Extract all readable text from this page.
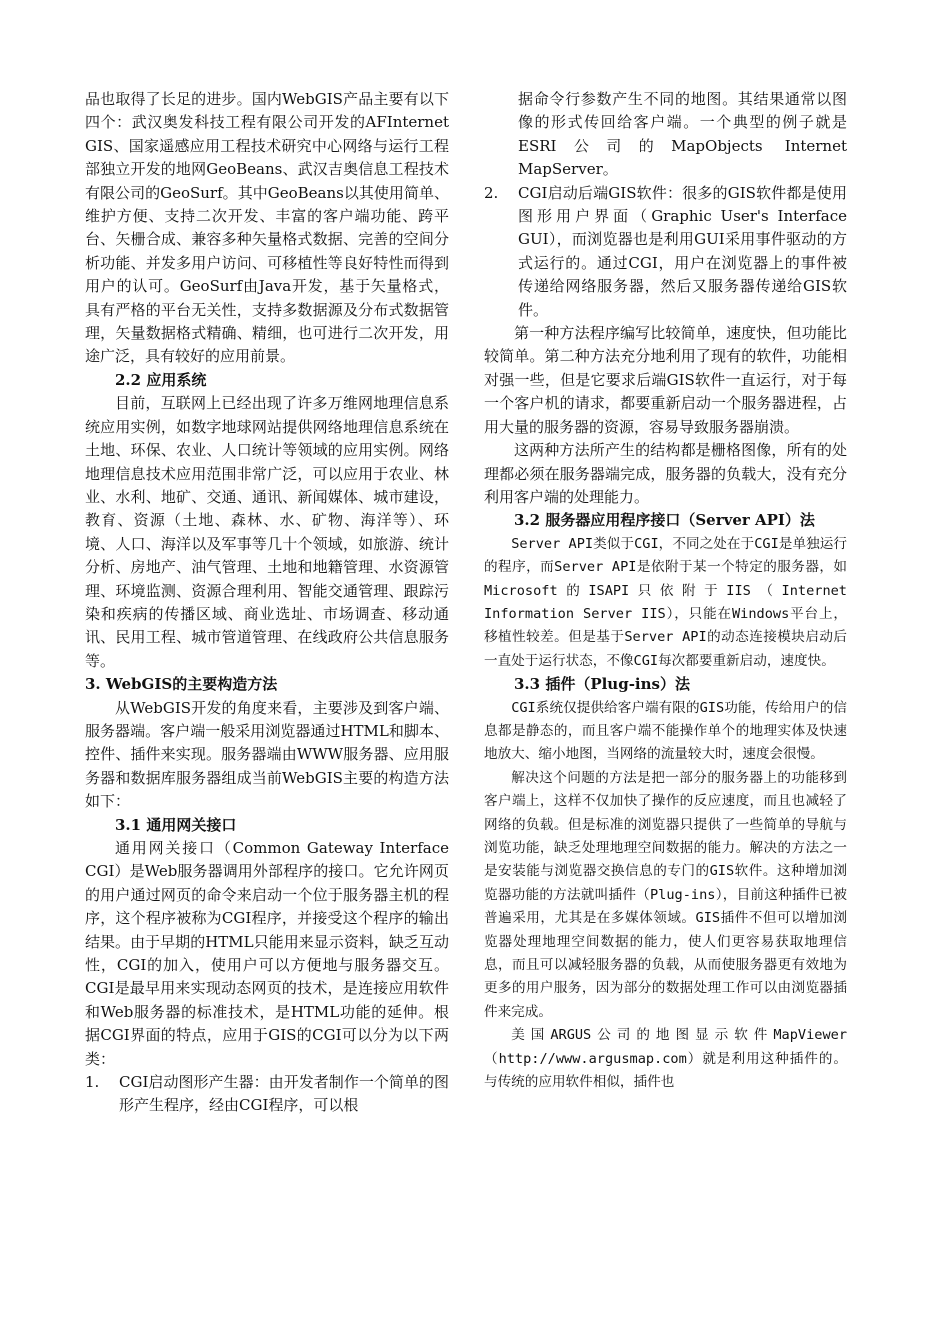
品也取得了长足的进步。国内WebGIS产品主要有以下四个：武汉奥发科技工程有限公司开发的AFInternet GIS、国家遥感应用工程技术研究中心网络与运行工程部独立开发的地网GeoBeans、武汉吉奥信息工程技术有限公司的GeoSurf。其中GeoBeans以其使用简单、维护方便、支持二次开发、丰富的客户端功能、跨平台、矢栅合成、兼容多种矢量格式数据、完善的空间分析功能、并发多用户访问、可移植性等良好特性而得到用户的认可。GeoSurf由Java开发，基于矢量格式，具有严格的平台无关性，支持多数据源及分布式数据管理，矢量数据格式精确、精细，也可进行二次开发，用途广泛，具有较好的应用前景。

2.2 应用系统

目前，互联网上已经出现了许多万维网地理信息系统应用实例，如数字地球网站提供网络地理信息系统在土地、环保、农业、人口统计等领域的应用实例。网络地理信息技术应用范围非常广泛，可以应用于农业、林业、水利、地矿、交通、通讯、新闻媒体、城市建设，教育、资源（土地、森林、水、矿物、海洋等）、环境、人口、海洋以及军事等几十个领域，如旅游、统计分析、房地产、油气管理、土地和地籍管理、水资源管理、环境监测、资源合理利用、智能交通管理、跟踪污染和疾病的传播区域、商业选址、市场调查、移动通讯、民用工程、城市管道管理、在线政府公共信息服务等。

3. WebGIS的主要构造方法

从WebGIS开发的角度来看，主要涉及到客户端、服务器端。客户端一般采用浏览器通过HTML和脚本、控件、插件来实现。服务器端由WWW服务器、应用服务器和数据库服务器组成当前WebGIS主要的构造方法如下：

3.1 通用网关接口

通用网关接口（Common Gateway Interface CGI）是Web服务器调用外部程序的接口。它允许网页的用户通过网页的命令来启动一个位于服务器主机的程序，这个程序被称为CGI程序，并接受这个程序的输出结果。由于早期的HTML只能用来显示资料，缺乏互动性，CGI的加入，使用户可以方便地与服务器交互。CGI是最早用来实现动态网页的技术，是连接应用软件和Web服务器的标准技术，是HTML功能的延伸。根据CGI界面的特点，应用于GIS的CGI可以分为以下两类：

1.	CGI启动图形产生器：由开发者制作一个简单的图形产生程序，经由CGI程序，可以根
据命令行参数产生不同的地图。其结果通常以图像的形式传回给客户端。一个典型的例子就是ESRI公司的MapObjects Internet MapServer。
2.	CGI启动后端GIS软件：很多的GIS软件都是使用图形用户界面（Graphic User's Interface GUI），而浏览器也是利用GUI采用事件驱动的方式运行的。通过CGI，用户在浏览器上的事件被传递给网络服务器，然后又服务器传递给GIS软件。

第一种方法程序编写比较简单，速度快，但功能比较简单。第二种方法充分地利用了现有的软件，功能相对强一些，但是它要求后端GIS软件一直运行，对于每一个客户机的请求，都要重新启动一个服务器进程，占用大量的服务器的资源，容易导致服务器崩溃。

这两种方法所产生的结构都是栅格图像，所有的处理都必须在服务器端完成，服务器的负载大，没有充分利用客户端的处理能力。

3.2 服务器应用程序接口（Server API）法

Server API类似于CGI，不同之处在于CGI是单独运行的程序，而Server API是依附于某一个特定的服务器，如Microsoft的ISAPI只依附于IIS（Internet Information Server IIS），只能在Windows平台上，移植性较差。但是基于Server API的动态连接模块启动后一直处于运行状态，不像CGI每次都要重新启动，速度快。

3.3 插件（Plug-ins）法

CGI系统仅提供给客户端有限的GIS功能，传给用户的信息都是静态的，而且客户端不能操作单个的地理实体及快速地放大、缩小地图，当网络的流量较大时，速度会很慢。

解决这个问题的方法是把一部分的服务器上的功能移到客户端上，这样不仅加快了操作的反应速度，而且也减轻了网络的负载。但是标准的浏览器只提供了一些简单的导航与浏览功能，缺乏处理地理空间数据的能力。解决的方法之一是安装能与浏览器交换信息的专门的GIS软件。这种增加浏览器功能的方法就叫插件（Plug-ins），目前这种插件已被普遍采用，尤其是在多媒体领域。GIS插件不但可以增加浏览器处理地理空间数据的能力，使人们更容易获取地理信息，而且可以减轻服务器的负载，从而使服务器更有效地为更多的用户服务，因为部分的数据处理工作可以由浏览器插件来完成。

美国ARGUS公司的地图显示软件MapViewer（http://www.argusmap.com）就是利用这种插件的。与传统的应用软件相似，插件也
